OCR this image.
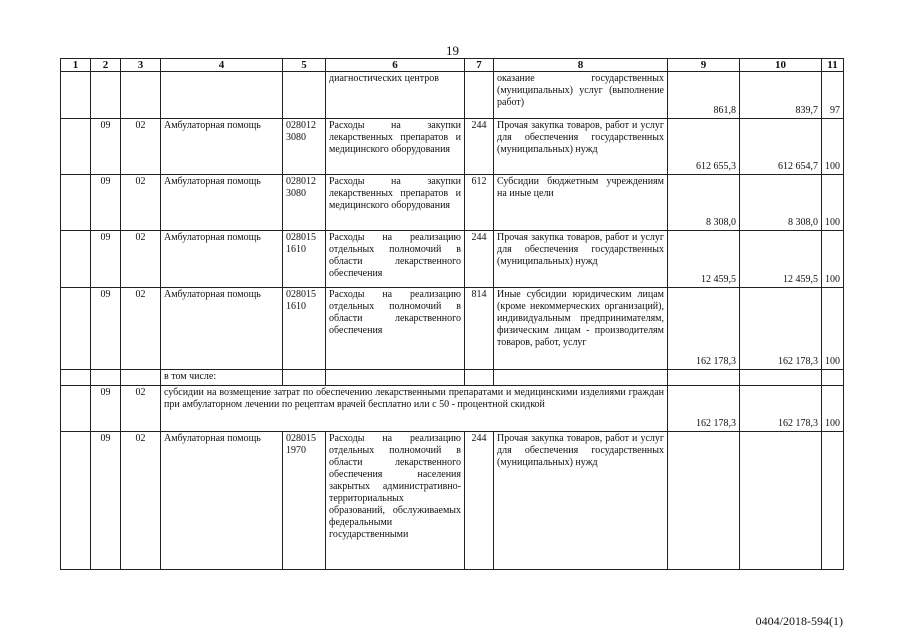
19
1	2	3	4	5	6	7	8	9	10	11
					диагностических центров		оказание государственных (муниципальных) услуг (выполнение работ)	861,8	839,7	97
	09	02	Амбулаторная помощь	028012 3080	Расходы на закупки лекарственных препаратов и медицинского оборудования	244	Прочая закупка товаров, работ и услуг для обеспечения государственных (муниципальных) нужд	612 655,3	612 654,7	100
	09	02	Амбулаторная помощь	028012 3080	Расходы на закупки лекарственных препаратов и медицинского оборудования	612	Субсидии бюджетным учреждениям на иные цели	8 308,0	8 308,0	100
	09	02	Амбулаторная помощь	028015 1610	Расходы на реализацию отдельных полномочий в области лекарственного обеспечения	244	Прочая закупка товаров, работ и услуг для обеспечения государственных (муниципальных) нужд	12 459,5	12 459,5	100
	09	02	Амбулаторная помощь	028015 1610	Расходы на реализацию отдельных полномочий в области лекарственного обеспечения	814	Иные субсидии юридическим лицам (кроме некоммерческих организаций), индивидуальным предпринимателям, физическим лицам - производителям товаров, работ, услуг	162 178,3	162 178,3	100
			в том числе:							
	09	02	субсидии на возмещение затрат по обеспечению лекарственными препаратами и медицинскими изделиями граждан при амбулаторном лечении по рецептам врачей бесплатно или с 50 - процентной скидкой					162 178,3	162 178,3	100
	09	02	Амбулаторная помощь	028015 1970	Расходы на реализацию отдельных полномочий в области лекарственного обеспечения населения закрытых административно-территориальных образований, обслуживаемых федеральными государственными	244	Прочая закупка товаров, работ и услуг для обеспечения государственных (муниципальных) нужд			
0404/2018-594(1)
